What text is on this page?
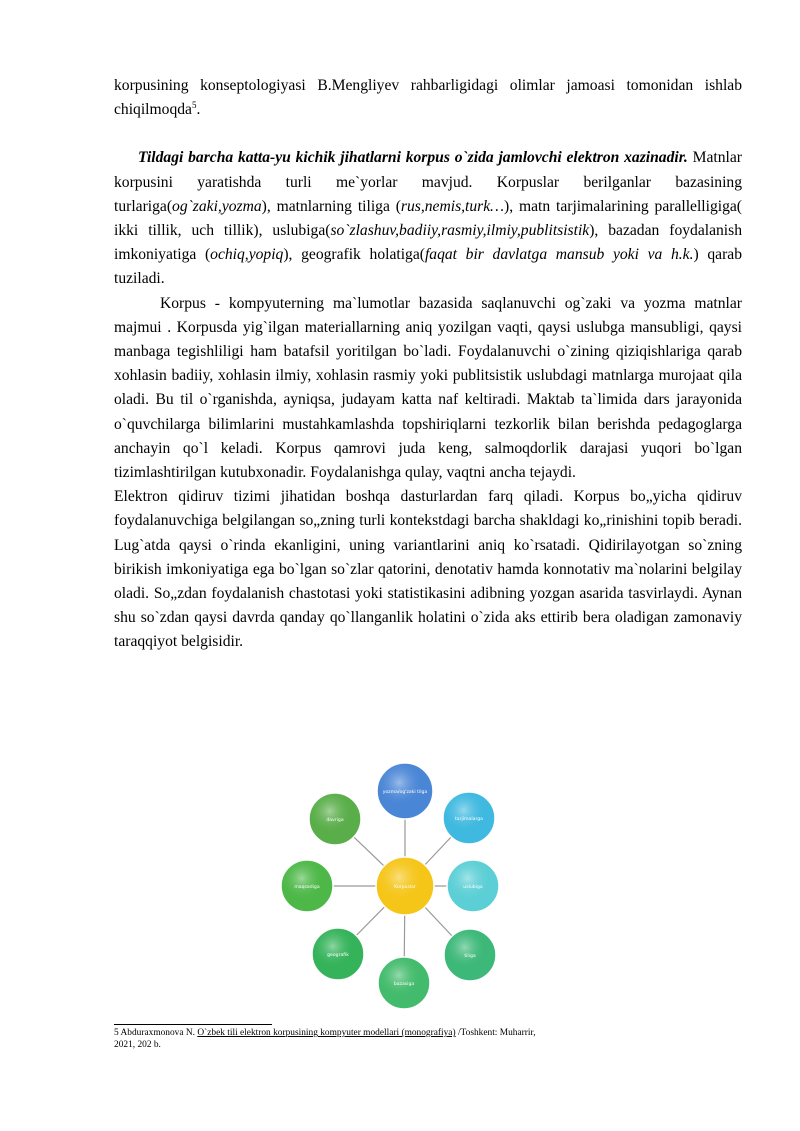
korpusining konseptologiyasi B.Mengliyev rahbarligidagi olimlar jamoasi tomonidan ishlab chiqilmoqda$^5$.

Tildagi barcha katta-yu kichik jihatlarni korpus o`zida jamlovchi elektron xazinadir. Matnlar korpusini yaratishda turli me`yorlar mavjud. Korpuslar berilganlar bazasining turlariga(og`zaki,yozma), matnlarning tiliga (rus,nemis,turk…), matn tarjimalarining parallelligiga( ikki tillik, uch tillik), uslubiga(so`zlashuv,badiiy,rasmiy,ilmiy,publitsistik), bazadan foydalanish imkoniyatiga (ochiq,yopiq), geografik holatiga(faqat bir davlatga mansub yoki va h.k.) qarab tuziladi.

Korpus - kompyuterning ma`lumotlar bazasida saqlanuvchi og`zaki va yozma matnlar majmui . Korpusda yig`ilgan materiallarning aniq yozilgan vaqti, qaysi uslubga mansubligi, qaysi manbaga tegishliligi ham batafsil yoritilgan bo`ladi. Foydalanuvchi o`zining qiziqishlariga qarab xohlasin badiiy, xohlasin ilmiy, xohlasin rasmiy yoki publitsistik uslubdagi matnlarga murojaat qila oladi. Bu til o`rganishda, ayniqsa, judayam katta naf keltiradi. Maktab ta`limida dars jarayonida o`quvchilarga bilimlarini mustahkamlashda topshiriqlarni tezkorlik bilan berishda pedagoglarga anchayin qo`l keladi. Korpus qamrovi juda keng, salmoqdorlik darajasi yuqori bo`lgan tizimlashtirilgan kutubxonadir. Foydalanishga qulay, vaqtni ancha tejaydi.

Elektron qidiruv tizimi jihatidan boshqa dasturlardan farq qiladi. Korpus bo„yicha qidiruv foydalanuvchiga belgilangan so„zning turli kontekstdagi barcha shakldagi ko„rinishini topib beradi. Lug`atda qaysi o`rinda ekanligini, uning variantlarini aniq ko`rsatadi. Qidirilayotgan so`zning birikish imkoniyatiga ega bo`lgan so`zlar qatorini, denotativ hamda konnotativ ma`nolarini belgilay oladi. So„zdan foydalanish chastotasi yoki statistikasini adibning yozgan asarida tasvirlaydi. Aynan shu so`zdan qaysi davrda qanday qo`llanganlik holatini o`zida aks ettirib bera oladigan zamonaviy taraqqiyot belgisidir.

yozma/og'zaki tilga
tarjimalarga
uslubiga
tiliga
bazasiga
geografik
maqsadiga
davriga
Korpuslar
5 Abduraxmonova N. O`zbek tili elektron korpusining kompyuter modellari (monografiya) /Toshkent: Muharrir,
2021, 202 b.
